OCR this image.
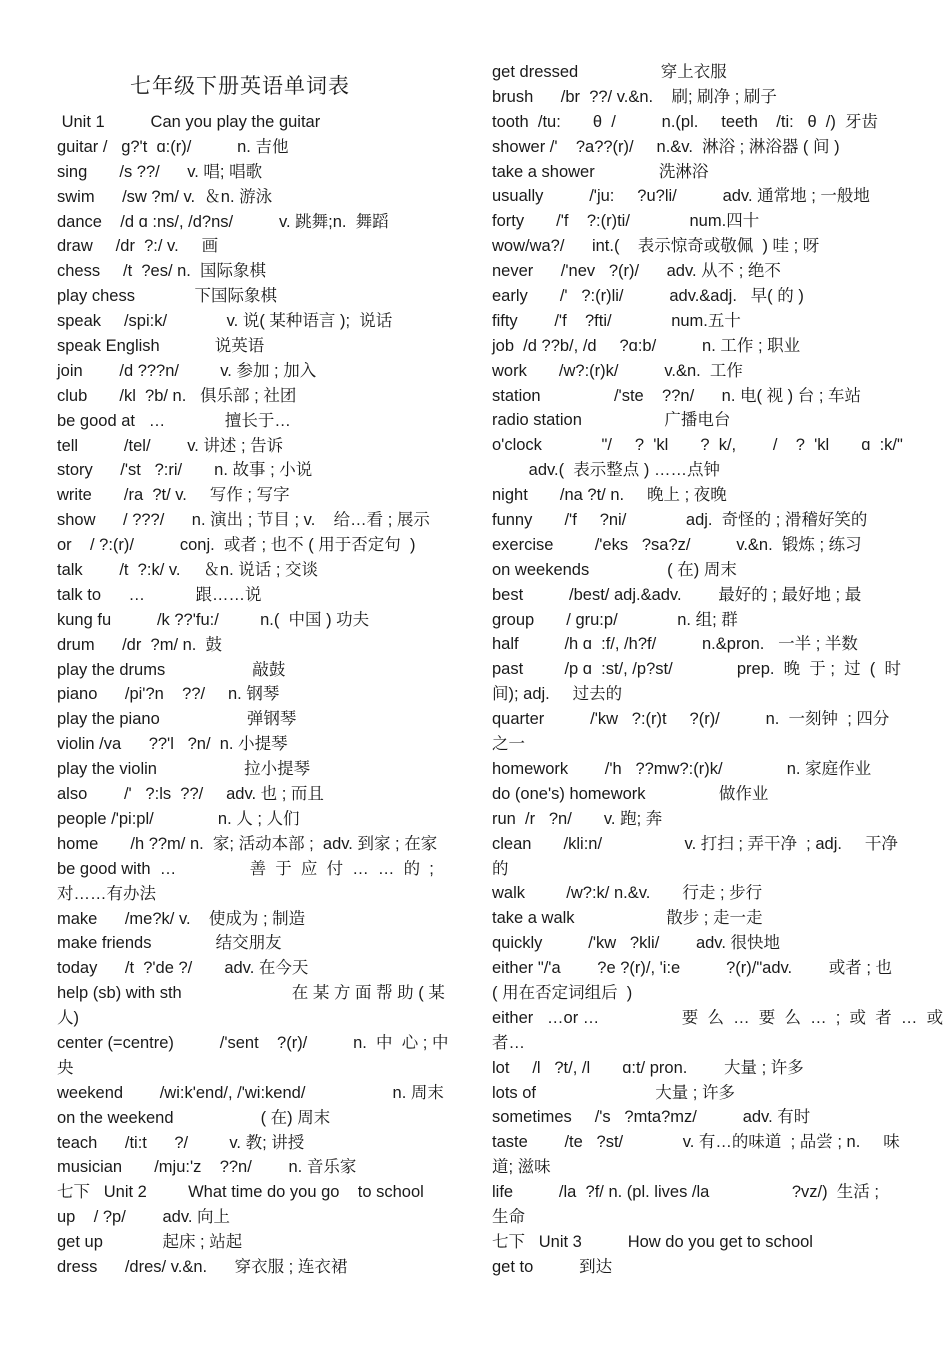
七年级下册英语单词表
Unit 1          Can you play the guitar
guitar /   ɡ?'t  ɑ:(r)/          n. 吉他
sing       /s ??/      v. 唱; 唱歌
swim      /sw ?m/ v.  ＆n. 游泳
dance    /d ɑ :ns/, /d?ns/          v. 跳舞;n.  舞蹈
draw     /dr  ?:/ v.     画
chess     /t  ?es/ n.  国际象棋
play chess             下国际象棋
speak     /spi:k/             v. 说( 某种语言 );  说话
speak English            说英语
join        /d ???n/         v. 参加 ; 加入
club       /kl  ?b/ n.   俱乐部 ; 社团
be good at   …             擅长于…
tell          /tel/        v. 讲述 ; 告诉
story      /'st   ?:ri/       n. 故事 ; 小说
write       /ra  ?t/ v.     写作 ; 写字
show      / ???/      n. 演出 ; 节目 ; v.    给…看 ; 展示
or    / ?:(r)/          conj.  或者 ; 也不 ( 用于否定句  )
talk        /t  ?:k/ v.     ＆n. 说话 ; 交谈
talk to      …           跟……说
kung fu          /k ??'fu:/         n.(  中国 ) 功夫
drum      /dr  ?m/ n.  鼓
play the drums                   敲鼓
piano      /pi'?n    ??/     n. 钢琴
play the piano                   弹钢琴
violin /va      ??'l   ?n/  n. 小提琴
play the violin                   拉小提琴
also        /'   ?:ls  ??/     adv. 也 ; 而且
people /'pi:pl/              n. 人 ; 人们
home       /h ??m/ n.  家; 活动本部 ;  adv. 到家 ; 在家
be good with  …                善  于  应  付  …  …  的  ;
对……有办法
make      /me?k/ v.    使成为 ; 制造
make friends              结交朋友
today      /t  ?'de ?/       adv. 在今天
help (sb) with sth                        在 某 方 面 帮 助 ( 某
人)
center (=centre)          /'sent    ?(r)/          n.  中  心 ; 中
央
weekend        /wi:k'end/, /'wi:kend/                   n. 周末
on the weekend                   ( 在) 周末
teach      /ti:t      ?/         v. 教; 讲授
musician       /mju:'z    ??n/        n. 音乐家
七下   Unit 2         What time do you go    to school
up    / ?p/        adv. 向上
get up             起床 ; 站起
dress      /dres/ v.&n.      穿衣服 ; 连衣裙
get dressed                  穿上衣服
brush      /br  ??/ v.&n.    刷; 刷净 ; 刷子
tooth  /tu:       θ  /          n.(pl.     teeth    /ti:   θ  /)  牙齿
shower /'    ?a??(r)/     n.&v.  淋浴 ; 淋浴器 ( 间 )
take a shower              洗淋浴
usually          /'ju:     ?u?li/          adv. 通常地 ; 一般地
forty       /'f    ?:(r)ti/             num.四十
wow/wa?/      int.(    表示惊奇或敬佩  ) 哇 ; 呀
never      /'nev   ?(r)/      adv. 从不 ; 绝不
early       /'   ?:(r)li/          adv.&adj.   早( 的 )
fifty        /'f    ?fti/             num.五十
job  /d ??b/, /d     ?ɑ:b/          n. 工作 ; 职业
work       /w?:(r)k/          v.&n.  工作
station                /'ste    ??n/      n. 电( 视 ) 台 ; 车站
radio station                  广播电台
o'clock             "/     ?  'kl       ?  k/,        /    ?  'kl       ɑ  :k/"
adv.(  表示整点 ) ……点钟
night       /na ?t/ n.     晚上 ; 夜晚
funny       /'f     ?ni/             adj.  奇怪的 ; 滑稽好笑的
exercise         /'eks   ?sa?z/          v.&n.  锻炼 ; 练习
on weekends                 ( 在) 周末
best          /best/ adj.&adv.        最好的 ; 最好地 ; 最
group       / ɡru:p/             n. 组; 群
half          /h ɑ  :f/, /h?f/          n.&pron.   一半 ; 半数
past         /p ɑ  :st/, /p?st/              prep.  晚  于 ;  过  (  时
间); adj.     过去的
quarter          /'kw   ?:(r)t     ?(r)/          n.  一刻钟  ; 四分
之一
homework        /'h   ??mw?:(r)k/              n. 家庭作业
do (one's) homework                做作业
run  /r   ?n/       v. 跑; 奔
clean       /kli:n/                  v. 打扫 ; 弄干净  ; adj.     干净
的
walk         /w?:k/ n.&v.       行走 ; 步行
take a walk                    散步 ; 走一走
quickly          /'kw   ?kli/        adv. 很快地
either "/'a        ?e ?(r)/, 'i:e          ?(r)/"adv.        或者 ; 也
( 用在否定词组后  )
either   …or …                  要  么  …  要  么  …  ;  或  者  …  或
者…
lot     /l   ?t/, /l       ɑ:t/ pron.        大量 ; 许多
lots of                          大量 ; 许多
sometimes     /'s   ?mta?mz/          adv. 有时
taste        /te   ?st/             v. 有…的味道  ; 品尝 ; n.     味
道; 滋味
life          /la  ?f/ n. (pl. lives /la                  ?vz/)  生活 ;
生命
七下   Unit 3          How do you get to school
get to          到达
